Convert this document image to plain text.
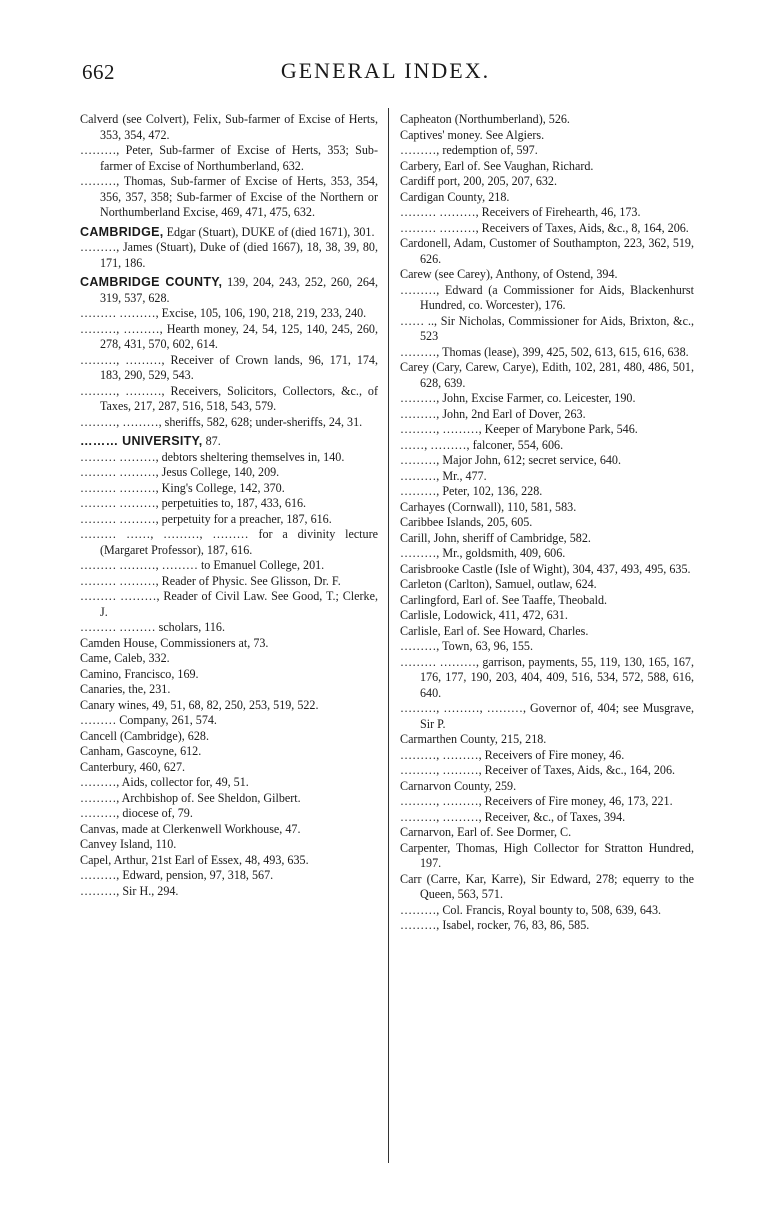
662	GENERAL INDEX.

Calverd (see Colvert), Felix, Sub-farmer of Excise of Herts, 353, 354, 472.

………, Peter, Sub-farmer of Excise of Herts, 353; Sub-farmer of Excise of Northumberland, 632.

………, Thomas, Sub-farmer of Excise of Herts, 353, 354, 356, 357, 358; Sub-farmer of Excise of the Northern or Northumberland Excise, 469, 471, 475, 632.

CAMBRIDGE, Edgar (Stuart), DUKE of (died 1671), 301.

………, James (Stuart), Duke of (died 1667), 18, 38, 39, 80, 171, 186.

CAMBRIDGE COUNTY, 139, 204, 243, 252, 260, 264, 319, 537, 628.

……… ………, Excise, 105, 106, 190, 218, 219, 233, 240.

………, ………, Hearth money, 24, 54, 125, 140, 245, 260, 278, 431, 570, 602, 614.

………, ………, Receiver of Crown lands, 96, 171, 174, 183, 290, 529, 543.

………, ………, Receivers, Solicitors, Collectors, &c., of Taxes, 217, 287, 516, 518, 543, 579.

………, ………, sheriffs, 582, 628; under-sheriffs, 24, 31.

……… UNIVERSITY, 87.

……… ………, debtors sheltering themselves in, 140.

……… ………, Jesus College, 140, 209.

……… ………, King's College, 142, 370.

……… ………, perpetuities to, 187, 433, 616.

……… ………, perpetuity for a preacher, 187, 616.

……… ……, ………, ……… for a divinity lecture (Margaret Professor), 187, 616.

……… ………, ……… to Emanuel College, 201.

……… ………, Reader of Physic. See Glisson, Dr. F.

……… ………, Reader of Civil Law. See Good, T.; Clerke, J.

……… ……… scholars, 116.

Camden House, Commissioners at, 73.

Came, Caleb, 332.

Camino, Francisco, 169.

Canaries, the, 231.

Canary wines, 49, 51, 68, 82, 250, 253, 519, 522.

……… Company, 261, 574.

Cancell (Cambridge), 628.

Canham, Gascoyne, 612.

Canterbury, 460, 627.

………, Aids, collector for, 49, 51.

………, Archbishop of. See Sheldon, Gilbert.

………, diocese of, 79.

Canvas, made at Clerkenwell Workhouse, 47.

Canvey Island, 110.

Capel, Arthur, 21st Earl of Essex, 48, 493, 635.

………, Edward, pension, 97, 318, 567.

………, Sir H., 294.

Capheaton (Northumberland), 526.

Captives' money. See Algiers.

………, redemption of, 597.

Carbery, Earl of. See Vaughan, Richard.

Cardiff port, 200, 205, 207, 632.

Cardigan County, 218.

……… ………, Receivers of Firehearth, 46, 173.

……… ………, Receivers of Taxes, Aids, &c., 8, 164, 206.

Cardonell, Adam, Customer of Southampton, 223, 362, 519, 626.

Carew (see Carey), Anthony, of Ostend, 394.

………, Edward (a Commissioner for Aids, Blackenhurst Hundred, co. Worcester), 176.

…… .., Sir Nicholas, Commissioner for Aids, Brixton, &c., 523

………, Thomas (lease), 399, 425, 502, 613, 615, 616, 638.

Carey (Cary, Carew, Carye), Edith, 102, 281, 480, 486, 501, 628, 639.

………, John, Excise Farmer, co. Leicester, 190.

………, John, 2nd Earl of Dover, 263.

………, ………, Keeper of Marybone Park, 546.

……, ………, falconer, 554, 606.

………, Major John, 612; secret service, 640.

………, Mr., 477.

………, Peter, 102, 136, 228.

Carhayes (Cornwall), 110, 581, 583.

Caribbee Islands, 205, 605.

Carill, John, sheriff of Cambridge, 582.

………, Mr., goldsmith, 409, 606.

Carisbrooke Castle (Isle of Wight), 304, 437, 493, 495, 635.

Carleton (Carlton), Samuel, outlaw, 624.

Carlingford, Earl of. See Taaffe, Theobald.

Carlisle, Lodowick, 411, 472, 631.

Carlisle, Earl of. See Howard, Charles.

………, Town, 63, 96, 155.

……… ………, garrison, payments, 55, 119, 130, 165, 167, 176, 177, 190, 203, 404, 409, 516, 534, 572, 588, 616, 640.

………, ………, ………, Governor of, 404; see Musgrave, Sir P.

Carmarthen County, 215, 218.

………, ………, Receivers of Fire money, 46.

………, ………, Receiver of Taxes, Aids, &c., 164, 206.

Carnarvon County, 259.

………, ………, Receivers of Fire money, 46, 173, 221.

………, ………, Receiver, &c., of Taxes, 394.

Carnarvon, Earl of. See Dormer, C.

Carpenter, Thomas, High Collector for Stratton Hundred, 197.

Carr (Carre, Kar, Karre), Sir Edward, 278; equerry to the Queen, 563, 571.

………, Col. Francis, Royal bounty to, 508, 639, 643.

………, Isabel, rocker, 76, 83, 86, 585.
